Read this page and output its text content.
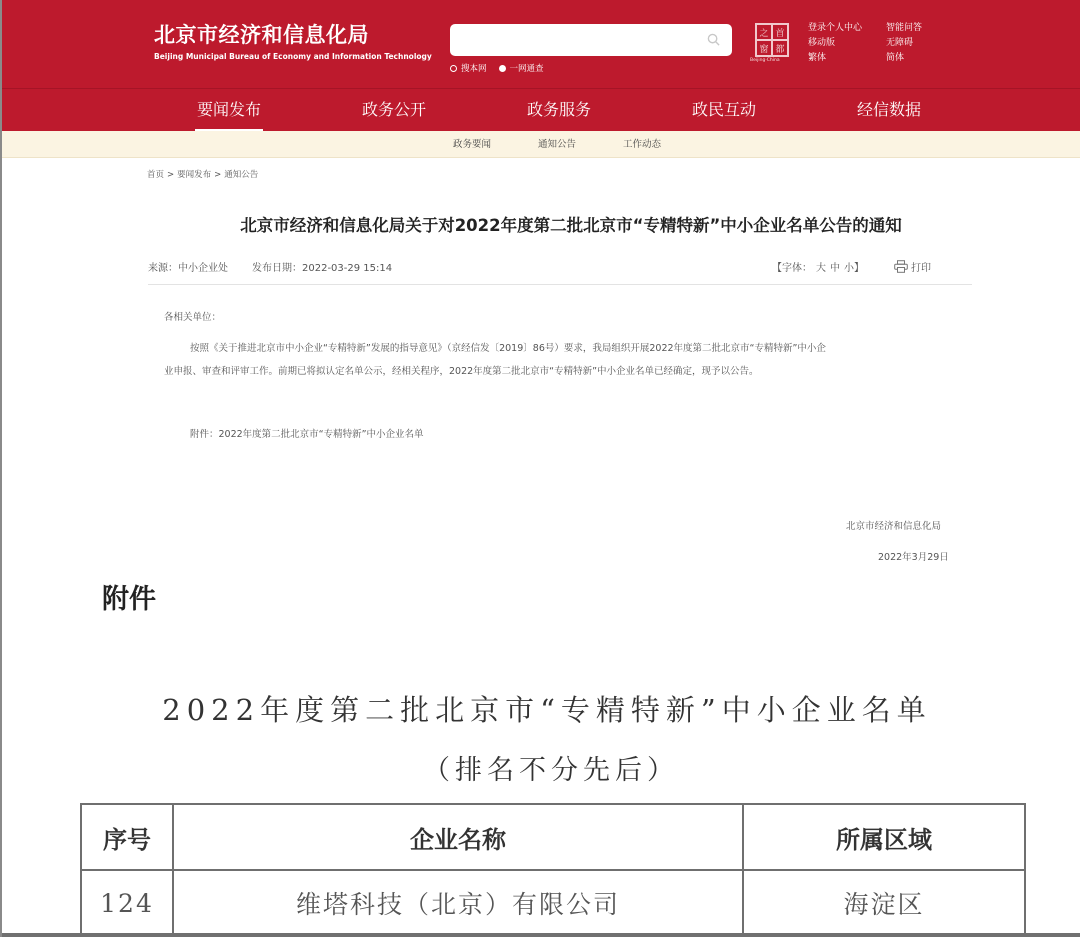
北京市经济和信息化局
Beijing Municipal Bureau of Economy and Information Technology
搜本网	一网通查
之 首
窗 都
Beijing·China
登录个人中心	智能问答
移动版	无障碍
繁体	简体
要闻发布	政务公开	政务服务	政民互动	经信数据
政务要闻	通知公告	工作动态
首页 > 要闻发布 > 通知公告
北京市经济和信息化局关于对2022年度第二批北京市“专精特新”中小企业名单公告的通知
来源：中小企业处 发布日期：2022-03-29 15:14	【字体： 大 中 小 】	打印
各相关单位：
按照《关于推进北京市中小企业“专精特新”发展的指导意见》（京经信发〔2019〕86号）要求，我局组织开展2022年度第二批北京市“专精特新”中小企
业申报、审查和评审工作。前期已将拟认定名单公示，经相关程序，2022年度第二批北京市“专精特新”中小企业名单已经确定，现予以公告。
附件：2022年度第二批北京市“专精特新”中小企业名单
北京市经济和信息化局
2022年3月29日
附件
2022年度第二批北京市“专精特新”中小企业名单
（排名不分先后）
序号	企业名称	所属区域
124	维塔科技（北京）有限公司	海淀区
